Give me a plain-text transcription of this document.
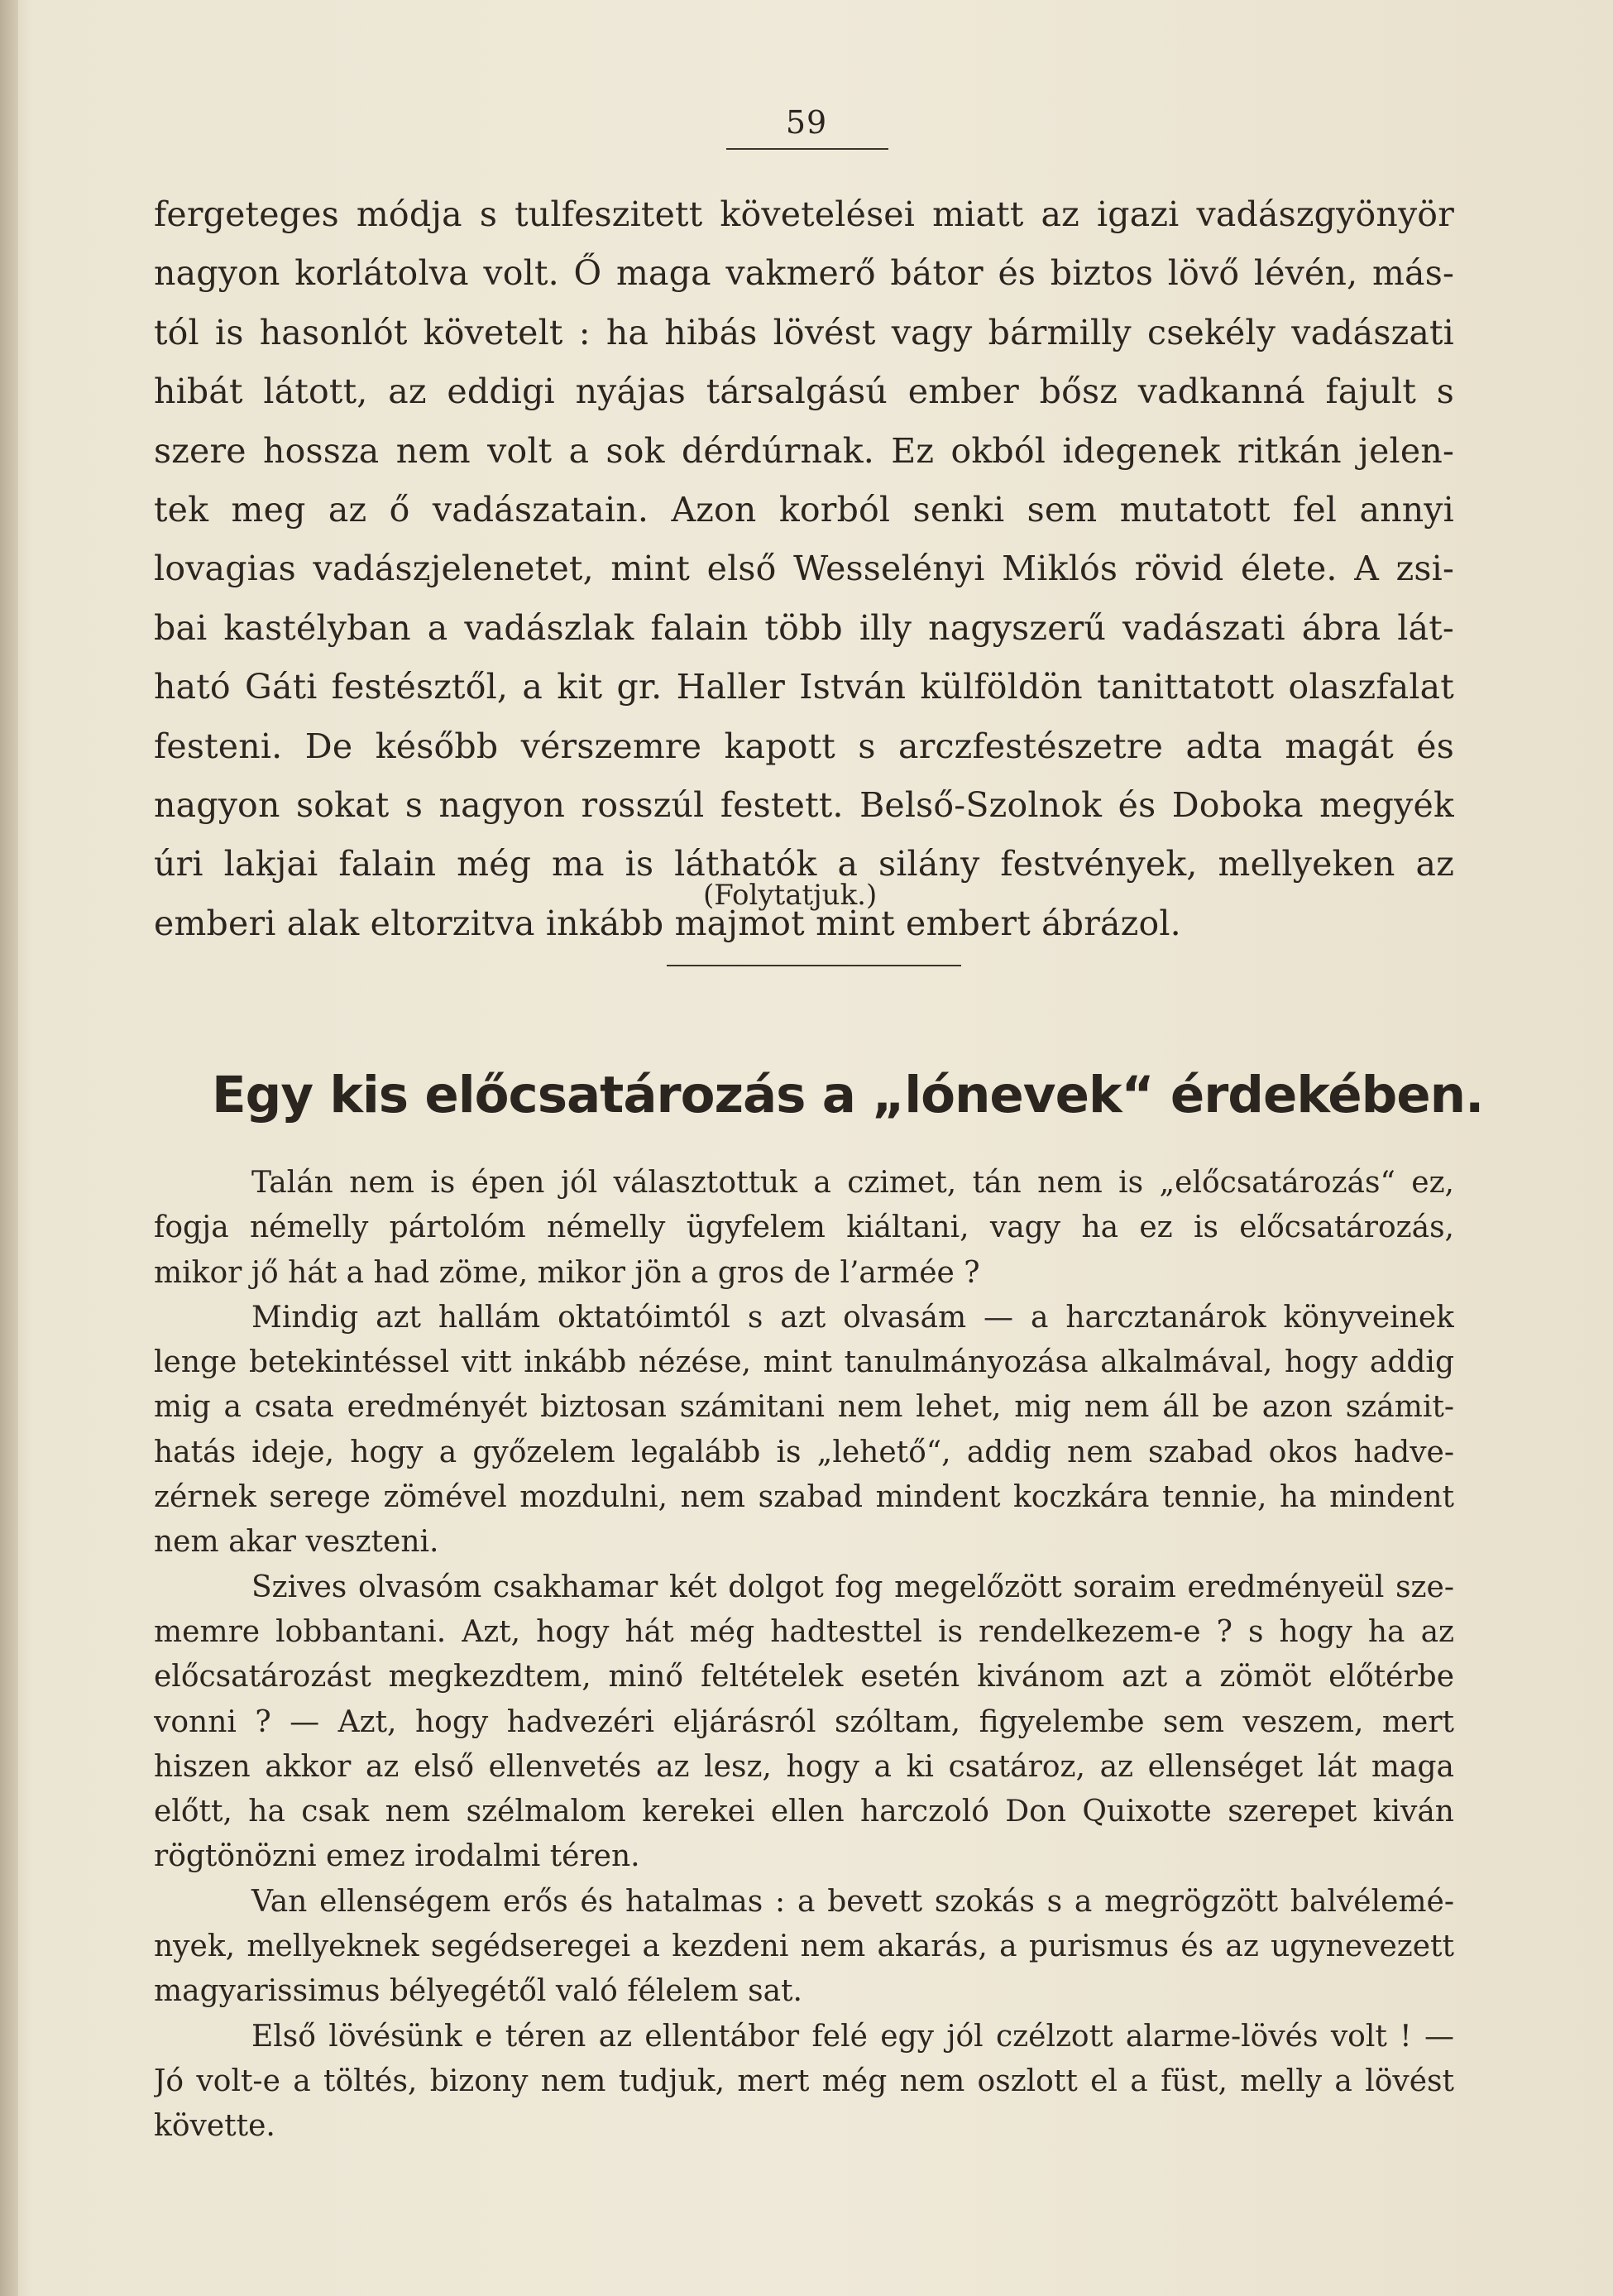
59
fergeteges módja s tulfeszitett követelései miatt az igazi vadászgyönyör
nagyon korlátolva volt. Ő maga vakmerő bátor és biztos lövő lévén, más-
tól is hasonlót követelt : ha hibás lövést vagy bármilly csekély vadászati
hibát látott, az eddigi nyájas társalgású ember bősz vadkanná fajult s
szere hossza nem volt a sok dérdúrnak. Ez okból idegenek ritkán jelen-
tek meg az ő vadászatain. Azon korból senki sem mutatott fel annyi
lovagias vadászjelenetet, mint első Wesselényi Miklós rövid élete. A zsi-
bai kastélyban a vadászlak falain több illy nagyszerű vadászati ábra lát-
ható Gáti festésztől, a kit gr. Haller István külföldön tanittatott olaszfalat
festeni. De később vérszemre kapott s arczfestészetre adta magát és
nagyon sokat s nagyon rosszúl festett. Belső-Szolnok és Doboka megyék
úri lakjai falain még ma is láthatók a silány festvények, mellyeken az
emberi alak eltorzitva inkább majmot mint embert ábrázol.
(Folytatjuk.)
Egy kis előcsatározás a „lónevek“ érdekében.
Talán nem is épen jól választottuk a czimet, tán nem is „előcsatározás“ ez,
fogja némelly pártolóm némelly ügyfelem kiáltani, vagy ha ez is előcsatározás,
mikor jő hát a had zöme, mikor jön a gros de l’armée ?
Mindig azt hallám oktatóimtól s azt olvasám — a harcztanárok könyveinek
lenge betekintéssel vitt inkább nézése, mint tanulmányozása alkalmával, hogy addig
mig a csata eredményét biztosan számitani nem lehet, mig nem áll be azon számit-
hatás ideje, hogy a győzelem legalább is „lehető“, addig nem szabad okos hadve-
zérnek serege zömével mozdulni, nem szabad mindent koczkára tennie, ha mindent
nem akar veszteni.
Szives olvasóm csakhamar két dolgot fog megelőzött soraim eredményeül sze-
memre lobbantani. Azt, hogy hát még hadtesttel is rendelkezem-e ? s hogy ha az
előcsatározást megkezdtem, minő feltételek esetén kivánom azt a zömöt előtérbe
vonni ? — Azt, hogy hadvezéri eljárásról szóltam, figyelembe sem veszem, mert
hiszen akkor az első ellenvetés az lesz, hogy a ki csatároz, az ellenséget lát maga
előtt, ha csak nem szélmalom kerekei ellen harczoló Don Quixotte szerepet kiván
rögtönözni emez irodalmi téren.
Van ellenségem erős és hatalmas : a bevett szokás s a megrögzött balvélemé-
nyek, mellyeknek segédseregei a kezdeni nem akarás, a purismus és az ugynevezett
magyarissimus bélyegétől való félelem sat.
Első lövésünk e téren az ellentábor felé egy jól czélzott alarme-lövés volt ! —
Jó volt-e a töltés, bizony nem tudjuk, mert még nem oszlott el a füst, melly a lövést
követte.
